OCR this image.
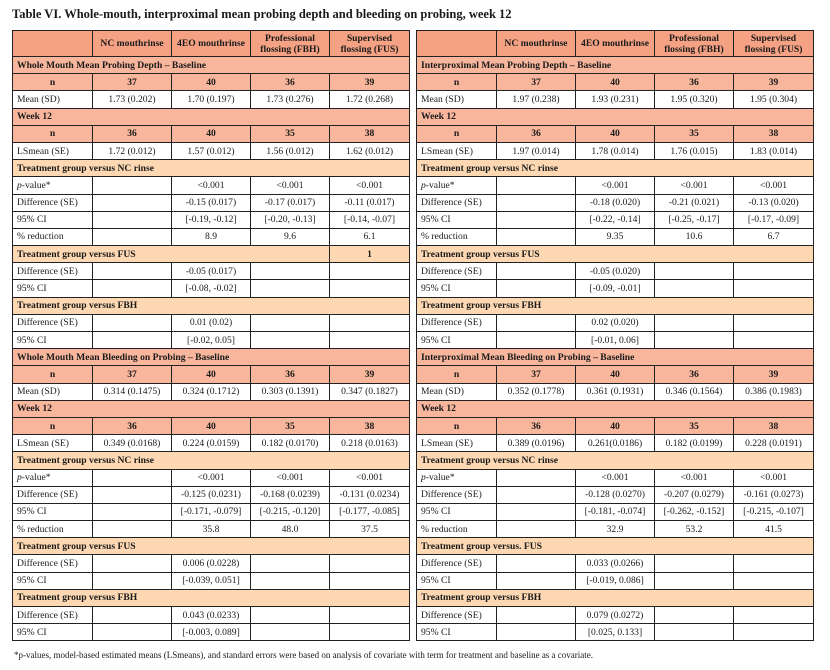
Table VI. Whole-mouth, interproximal mean probing depth and bleeding on probing, week 12
	NC mouthrinse	4EO mouthrinse	Professional flossing (FBH)	Supervised flossing (FUS)
Whole Mouth Mean Probing Depth – Baseline				
n	37	40	36	39
Mean (SD)	1.73 (0.202)	1.70 (0.197)	1.73 (0.276)	1.72 (0.268)
Week 12				
n	36	40	35	38
LSmean (SE)	1.72 (0.012)	1.57 (0.012)	1.56 (0.012)	1.62 (0.012)
Treatment group versus NC rinse				
p-value*		<0.001	<0.001	<0.001
Difference (SE)		-0.15 (0.017)	-0.17 (0.017)	-0.11 (0.017)
95% CI		[-0.19, -0.12]	[-0.20, -0.13]	[-0.14, -0.07]
% reduction		8.9	9.6	6.1
Treatment group versus FUS				1
Difference (SE)		-0.05 (0.017)		
95% CI		[-0.08, -0.02]		
Treatment group versus FBH				
Difference (SE)		0.01 (0.02)		
95% CI		[-0.02, 0.05]		
Whole Mouth Mean Bleeding on Probing – Baseline				
n	37	40	36	39
Mean (SD)	0.314 (0.1475)	0.324 (0.1712)	0.303 (0.1391)	0.347 (0.1827)
Week 12				
n	36	40	35	38
LSmean (SE)	0.349 (0.0168)	0.224 (0.0159)	0.182 (0.0170)	0.218 (0.0163)
Treatment group versus NC rinse				
p-value*		<0.001	<0.001	<0.001
Difference (SE)		-0.125 (0.0231)	-0.168 (0.0239)	-0.131 (0.0234)
95% CI		[-0.171, -0.079]	[-0.215, -0.120]	[-0.177, -0.085]
% reduction		35.8	48.0	37.5
Treatment group versus FUS				
Difference (SE)		0.006 (0.0228)		
95% CI		[-0.039, 0.051]		
Treatment group versus FBH				
Difference (SE)		0.043 (0.0233)		
95% CI		[-0.003, 0.089]		
	NC mouthrinse	4EO mouthrinse	Professional flossing (FBH)	Supervised flossing (FUS)
Interproximal Mean Probing Depth – Baseline				
n	37	40	36	39
Mean (SD)	1.97 (0.238)	1.93 (0.231)	1.95 (0.320)	1.95 (0.304)
Week 12				
n	36	40	35	38
LSmean (SE)	1.97 (0.014)	1.78 (0.014)	1.76 (0.015)	1.83 (0.014)
Treatment group versus NC rinse				
p-value*		<0.001	<0.001	<0.001
Difference (SE)		-0.18 (0.020)	-0.21 (0.021)	-0.13 (0.020)
95% CI		[-0.22, -0.14]	[-0.25, -0.17]	[-0.17, -0.09]
% reduction		9.35	10.6	6.7
Treatment group versus FUS				
Difference (SE)		-0.05 (0.020)		
95% CI		[-0.09, -0.01]		
Treatment group versus FBH				
Difference (SE)		0.02 (0.020)		
95% CI		[-0.01, 0.06]		
Interproximal Mean Bleeding on Probing – Baseline				
n	37	40	36	39
Mean (SD)	0.352 (0.1778)	0.361 (0.1931)	0.346 (0.1564)	0.386 (0.1983)
Week 12				
n	36	40	35	38
LSmean (SE)	0.389 (0.0196)	0.261(0.0186)	0.182 (0.0199)	0.228 (0.0191)
Treatment group versus NC rinse				
p-value*		<0.001	<0.001	<0.001
Difference (SE)		-0.128 (0.0270)	-0.207 (0.0279)	-0.161 (0.0273)
95% CI		[-0.181, -0.074]	[-0.262, -0.152]	[-0.215, -0.107]
% reduction		32.9	53.2	41.5
Treatment group versus. FUS				
Difference (SE)		0.033 (0.0266)		
95% CI		[-0.019, 0.086]		
Treatment group versus FBH				
Difference (SE)		0.079 (0.0272)		
95% CI		[0.025, 0.133]		
*p-values, model-based estimated means (LSmeans), and standard errors were based on analysis of covariate with term for treatment and baseline as a covariate.
